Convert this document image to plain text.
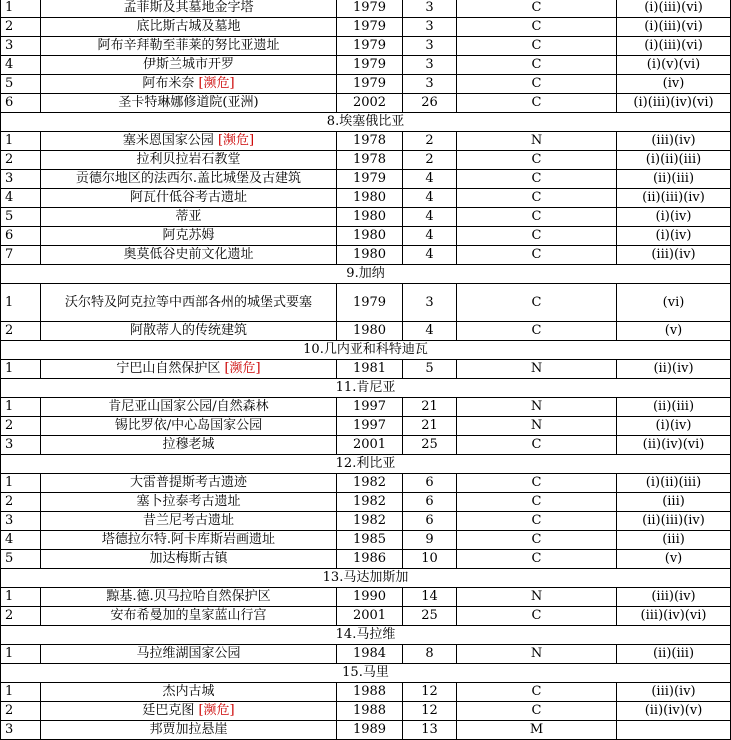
1	孟菲斯及其墓地金字塔	1979	3	C	(i)(iii)(vi)
2	底比斯古城及墓地	1979	3	C	(i)(iii)(vi)
3	阿布辛拜勒至菲莱的努比亚遗址	1979	3	C	(i)(iii)(vi)
4	伊斯兰城市开罗	1979	3	C	(i)(v)(vi)
5	阿布米奈 [濒危]	1979	3	C	(iv)
6	圣卡特琳娜修道院(亚洲)	2002	26	C	(i)(iii)(iv)(vi)
8.埃塞俄比亚					
1	塞米恩国家公园 [濒危]	1978	2	N	(iii)(iv)
2	拉利贝拉岩石教堂	1978	2	C	(i)(ii)(iii)
3	贡德尔地区的法西尔.盖比城堡及古建筑	1979	4	C	(ii)(iii)
4	阿瓦什低谷考古遗址	1980	4	C	(ii)(iii)(iv)
5	蒂亚	1980	4	C	(i)(iv)
6	阿克苏姆	1980	4	C	(i)(iv)
7	奥莫低谷史前文化遗址	1980	4	C	(iii)(iv)
9.加纳					
1	沃尔特及阿克拉等中西部各州的城堡式要塞	1979	3	C	(vi)
2	阿散蒂人的传统建筑	1980	4	C	(v)
10.几内亚和科特迪瓦					
1	宁巴山自然保护区 [濒危]	1981	5	N	(ii)(iv)
11.肯尼亚					
1	肯尼亚山国家公园/自然森林	1997	21	N	(ii)(iii)
2	锡比罗依/中心岛国家公园	1997	21	N	(i)(iv)
3	拉穆老城	2001	25	C	(ii)(iv)(vi)
12.利比亚					
1	大雷普提斯考古遗迹	1982	6	C	(i)(ii)(iii)
2	塞卜拉泰考古遗址	1982	6	C	(iii)
3	昔兰尼考古遗址	1982	6	C	(ii)(iii)(iv)
4	塔德拉尔特.阿卡库斯岩画遗址	1985	9	C	(iii)
5	加达梅斯古镇	1986	10	C	(v)
13.马达加斯加					
1	黥基.德.贝马拉哈自然保护区	1990	14	N	(iii)(iv)
2	安布希曼加的皇家蓝山行宫	2001	25	C	(iii)(iv)(vi)
14.马拉维					
1	马拉维湖国家公园	1984	8	N	(ii)(iii)
15.马里					
1	杰内古城	1988	12	C	(iii)(iv)
2	廷巴克图 [濒危]	1988	12	C	(ii)(iv)(v)
3	邦贾加拉悬崖	1989	13	M	
